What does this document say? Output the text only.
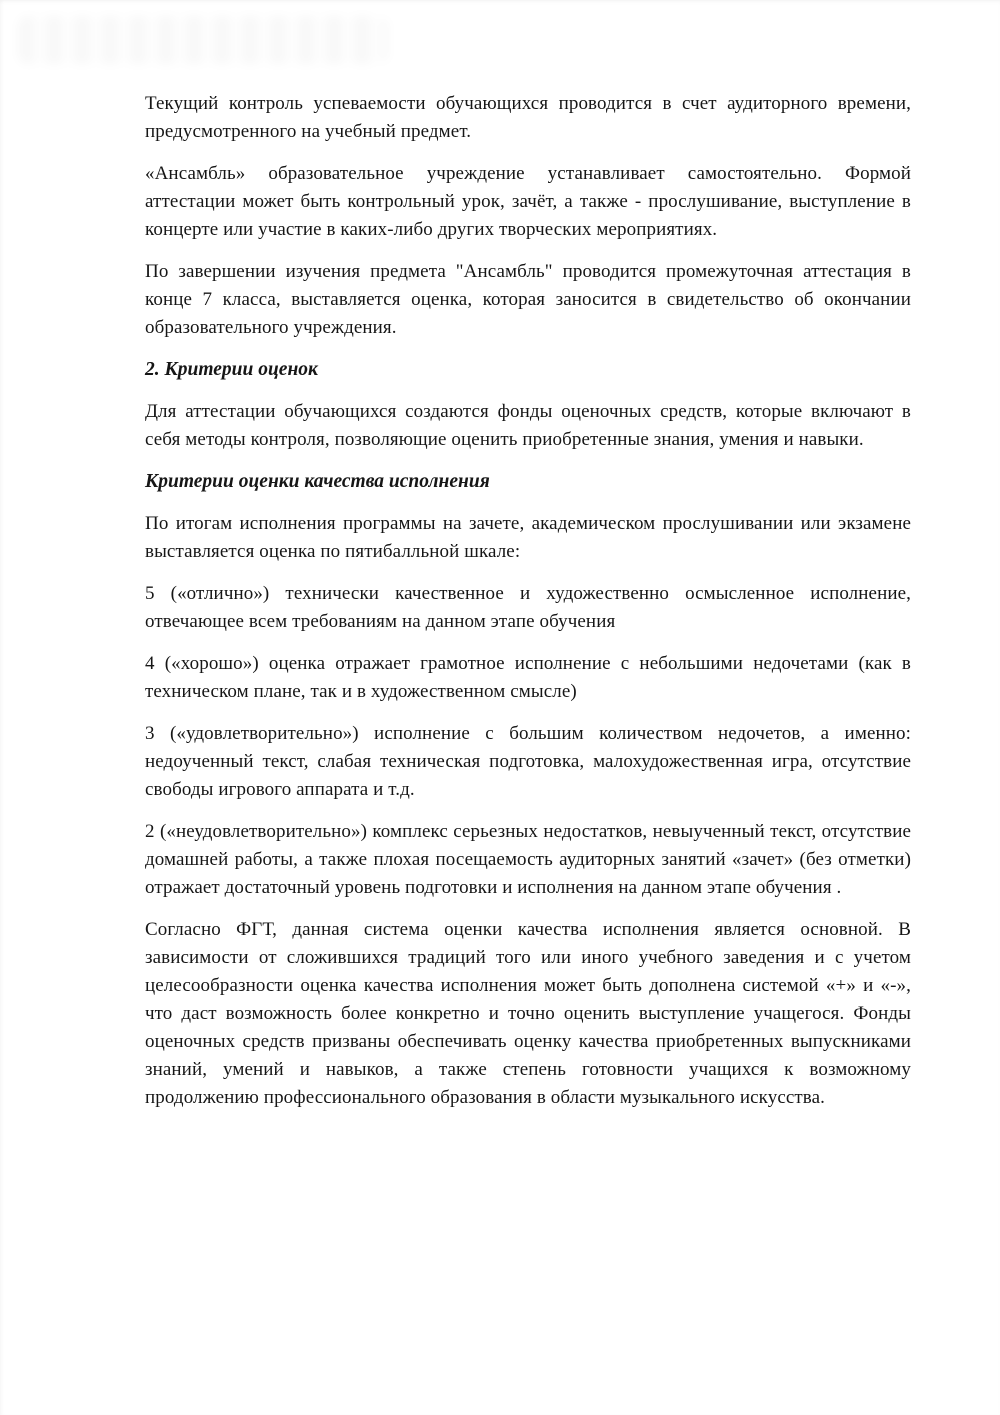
Текущий контроль успеваемости обучающихся проводится в счет аудиторного времени, предусмотренного на учебный предмет.

«Ансамбль» образовательное учреждение устанавливает самостоятельно. Формой аттестации может быть контрольный урок, зачёт, а также - прослушивание, выступление в концерте или участие в каких-либо других творческих мероприятиях.

По завершении изучения предмета "Ансамбль" проводится промежуточная аттестация в конце 7 класса, выставляется оценка, которая заносится в свидетельство об окончании образовательного учреждения.

2. Критерии оценок

Для аттестации обучающихся создаются фонды оценочных средств, которые включают в себя методы контроля, позволяющие оценить приобретенные знания, умения и навыки.

Критерии оценки качества исполнения

По итогам исполнения программы на зачете, академическом прослушивании или экзамене выставляется оценка по пятибалльной шкале:

5 («отлично») технически качественное и художественно осмысленное исполнение, отвечающее всем требованиям на данном этапе обучения

4 («хорошо») оценка отражает грамотное исполнение с небольшими недочетами (как в техническом плане, так и в художественном смысле)

3 («удовлетворительно») исполнение с большим количеством недочетов, а именно: недоученный текст, слабая техническая подготовка, малохудожественная игра, отсутствие свободы игрового аппарата и т.д.

2 («неудовлетворительно») комплекс серьезных недостатков, невыученный текст, отсутствие домашней работы, а также плохая посещаемость аудиторных занятий «зачет» (без отметки) отражает достаточный уровень подготовки и исполнения на данном этапе обучения .

Согласно ФГТ, данная система оценки качества исполнения является основной. В зависимости от сложившихся традиций того или иного учебного заведения и с учетом целесообразности оценка качества исполнения может быть дополнена системой «+» и «-», что даст возможность более конкретно и точно оценить выступление учащегося. Фонды оценочных средств призваны обеспечивать оценку качества приобретенных выпускниками знаний, умений и навыков, а также степень готовности учащихся к возможному продолжению профессионального образования в области музыкального искусства.
